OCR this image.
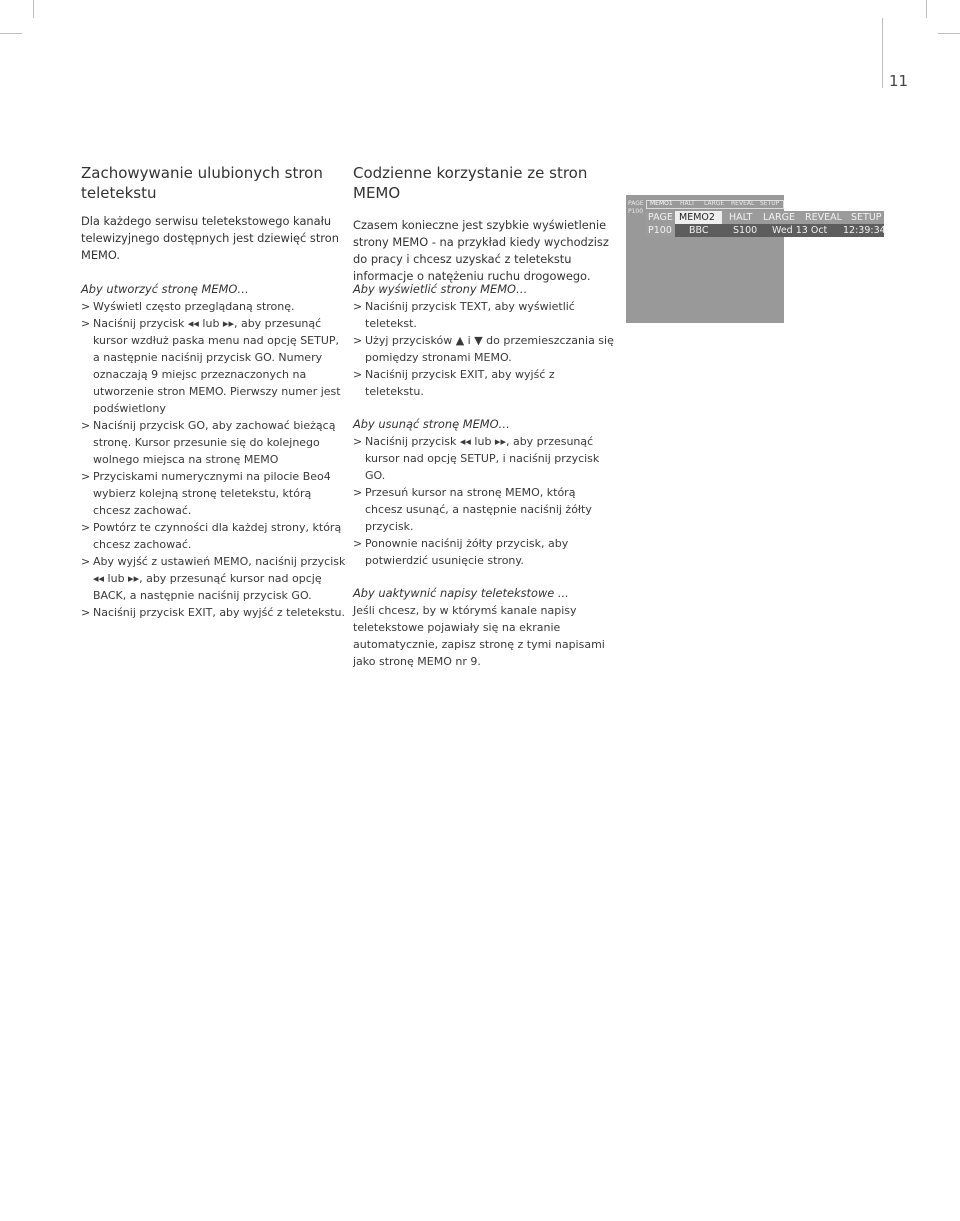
11
Zachowywanie ulubionych stron teletekstu

Dla każdego serwisu teletekstowego kanału telewizyjnego dostępnych jest dziewięć stron MEMO.

Aby utworzyć stronę MEMO…

> Wyświetl często przeglądaną stronę.
> Naciśnij przycisk ◂◂ lub ▸▸, aby przesunąć kursor wzdłuż paska menu nad opcję SETUP, a następnie naciśnij przycisk GO. Numery oznaczają 9 miejsc przeznaczonych na utworzenie stron MEMO. Pierwszy numer jest podświetlony
> Naciśnij przycisk GO, aby zachować bieżącą stronę. Kursor przesunie się do kolejnego wolnego miejsca na stronę MEMO
> Przyciskami numerycznymi na pilocie Beo4 wybierz kolejną stronę teletekstu, którą chcesz zachować.
> Powtórz te czynności dla każdej strony, którą chcesz zachować.
> Aby wyjść z ustawień MEMO, naciśnij przycisk ◂◂ lub ▸▸, aby przesunąć kursor nad opcję BACK, a następnie naciśnij przycisk GO.
> Naciśnij przycisk EXIT, aby wyjść z teletekstu.
Codzienne korzystanie ze stron MEMO

Czasem konieczne jest szybkie wyświetlenie strony MEMO - na przykład kiedy wychodzisz do pracy i chcesz uzyskać z teletekstu informacje o natężeniu ruchu drogowego.

Aby wyświetlić strony MEMO…

> Naciśnij przycisk TEXT, aby wyświetlić teletekst.
> Użyj przycisków ▲ i ▼ do przemieszczania się pomiędzy stronami MEMO.
> Naciśnij przycisk EXIT, aby wyjść z teletekstu.

Aby usunąć stronę MEMO…

> Naciśnij przycisk ◂◂ lub ▸▸, aby przesunąć kursor nad opcję SETUP, i naciśnij przycisk GO.
> Przesuń kursor na stronę MEMO, którą chcesz usunąć, a następnie naciśnij żółty przycisk.
> Ponownie naciśnij żółty przycisk, aby potwierdzić usunięcie strony.

Aby uaktywnić napisy teletekstowe ...

Jeśli chcesz, by w którymś kanale napisy teletekstowe pojawiały się na ekranie automatycznie, zapisz stronę z tymi napisami jako stronę MEMO nr 9.

PAGE MEMO1 HALT LARGE REVEAL SETUP
P100
PAGE MEMO2	HALT LARGE REVEAL SETUP
P100 BBC	S100 Wed 13 Oct 12:39:34
